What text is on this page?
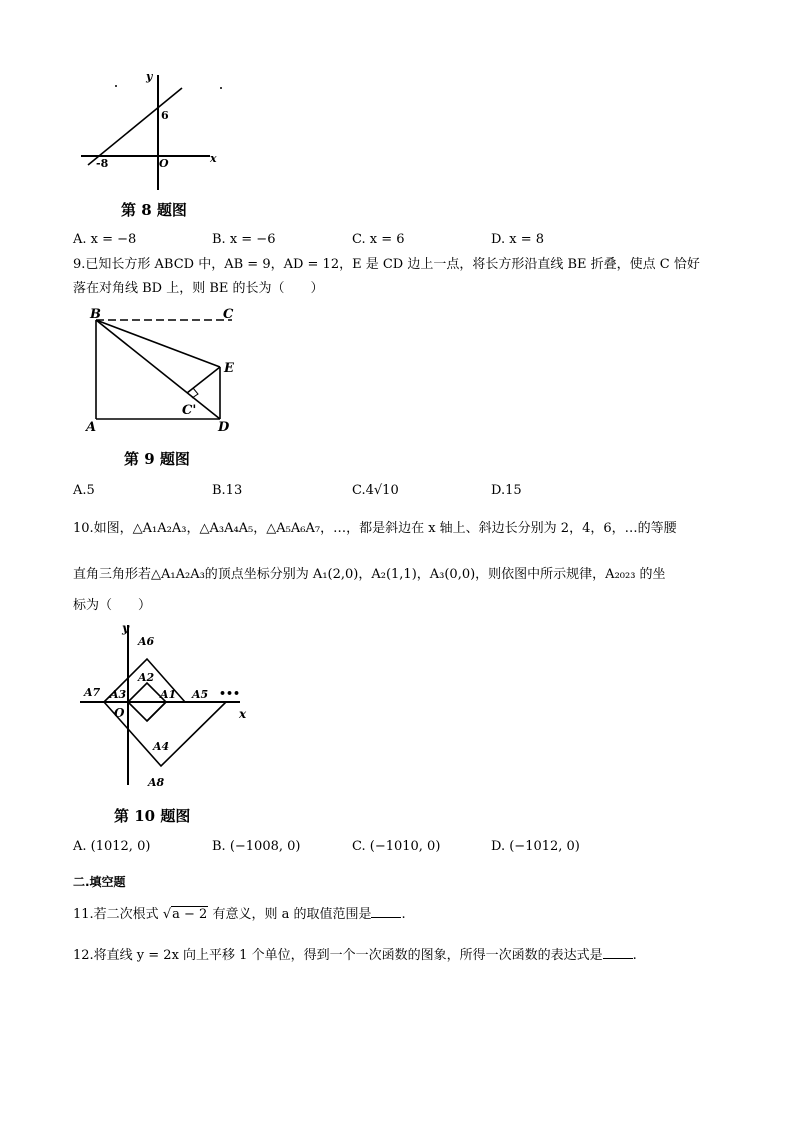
y
x
6
O
-8
第 8 题图
A. x = −8	B. x = −6	C. x = 6	D. x = 8
9.已知长方形 ABCD 中，AB = 9，AD = 12，E 是 CD 边上一点，将长方形沿直线 BE 折叠，使点 C 恰好
落在对角线 BD 上，则 BE 的长为（　　）
B	C
E
C'
A	D
第 9 题图
A.5	B.13	C.4√10	D.15
10.如图，△A₁A₂A₃，△A₃A₄A₅，△A₅A₆A₇，…，都是斜边在 x 轴上、斜边长分别为 2，4，6，…的等腰
直角三角形若△A₁A₂A₃的顶点坐标分别为 A₁(2,0)，A₂(1,1)，A₃(0,0)，则依图中所示规律，A₂₀₂₃ 的坐
标为（　　）
y
x
O
A6
A2
A1
A3	A5 •••
A7
A4
A8
第 10 题图
A. (1012, 0)	B. (−1008, 0)	C. (−1010, 0)	D. (−1012, 0)
二.填空题
11.若二次根式 √a − 2 有意义，则 a 的取值范围是 .
12.将直线 y = 2x 向上平移 1 个单位，得到一个一次函数的图象，所得一次函数的表达式是 .
